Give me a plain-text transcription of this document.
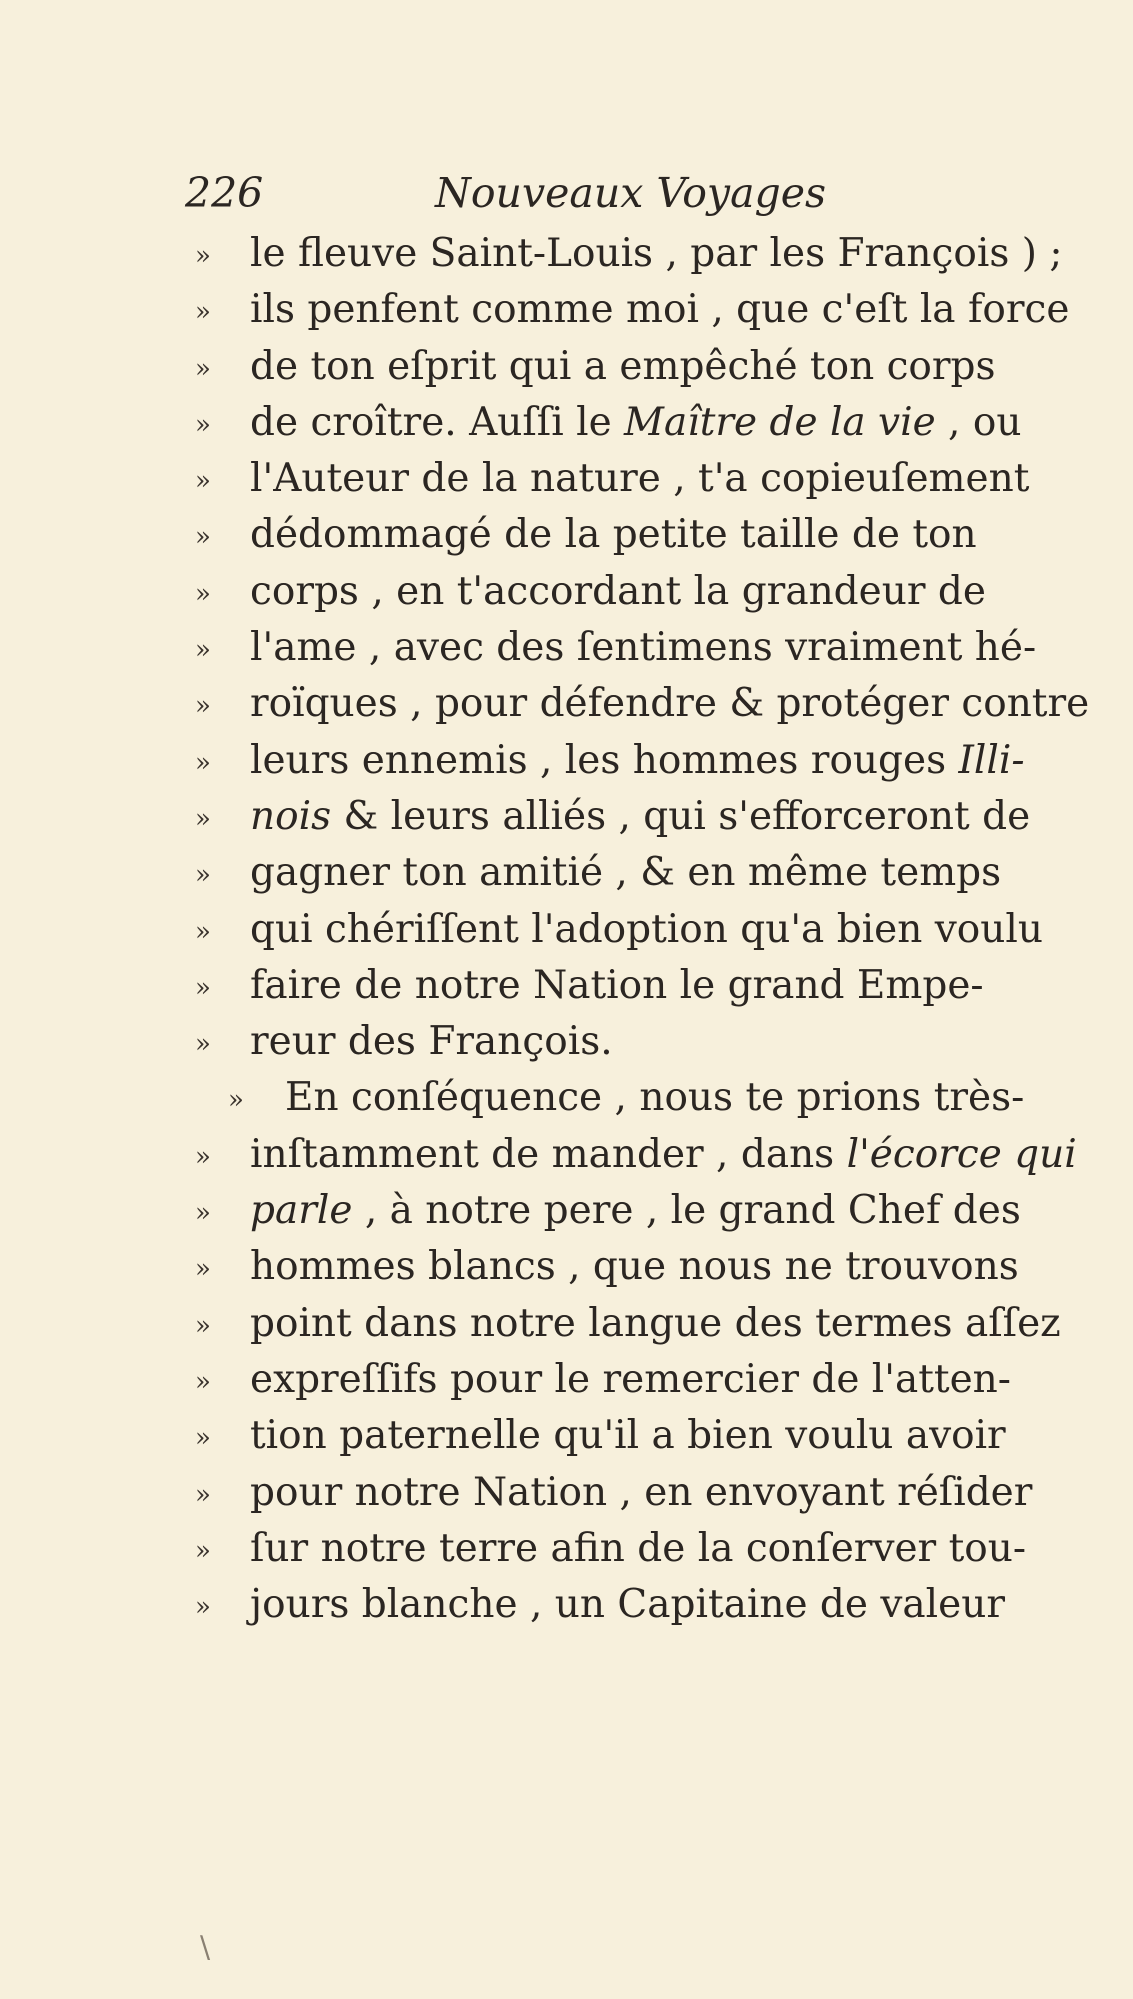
226	Nouveaux Voyages
» le fleuve Saint-Louis , par les François ) ;
» ils penfent comme moi , que c'eſt la force
» de ton eſprit qui a empêché ton corps
» de croître. Auſſi le Maître de la vie , ou
» l'Auteur de la nature , t'a copieuſement
» dédommagé de la petite taille de ton
» corps , en t'accordant la grandeur de
» l'ame , avec des ſentimens vraiment hé-
» roïques , pour défendre & protéger contre
» leurs ennemis , les hommes rouges Illi-
» nois & leurs alliés , qui s'efforceront de
» gagner ton amitié , & en même temps
» qui chériſſent l'adoption qu'a bien voulu
» faire de notre Nation le grand Empe-
» reur des François.
» En conſéquence , nous te prions très-
» inſtamment de mander , dans l'écorce qui
» parle , à notre pere , le grand Chef des
» hommes blancs , que nous ne trouvons
» point dans notre langue des termes aſſez
» expreſſifs pour le remercier de l'atten-
» tion paternelle qu'il a bien voulu avoir
» pour notre Nation , en envoyant réſider
» ſur notre terre afin de la conſerver tou-
» jours blanche , un Capitaine de valeur
\
